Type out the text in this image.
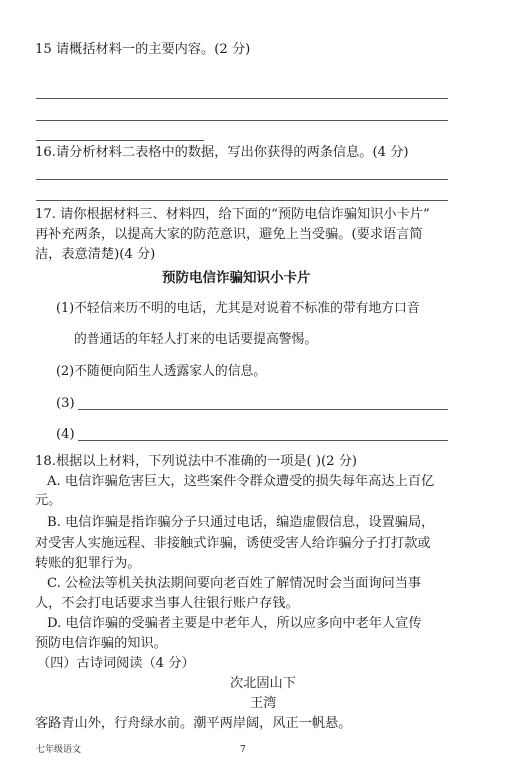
15 请概括材料一的主要内容。(2 分)
16.请分析材料二表格中的数据，写出你获得的两条信息。(4 分)
17. 请你根据材料三、材料四，给下面的“预防电信诈骗知识小卡片”
再补充两条，以提高大家的防范意识，避免上当受骗。(要求语言简
洁，表意清楚)(4 分)
预防电信诈骗知识小卡片
(1)不轻信来历不明的电话，尤其是对说着不标准的带有地方口音
的普通话的年轻人打来的电话要提高警惕。
(2)不随便向陌生人透露家人的信息。
(3)
(4)
18.根据以上材料，下列说法中不准确的一项是( )(2 分)
A. 电信诈骗危害巨大，这些案件令群众遭受的损失每年高达上百亿
元。
B. 电信诈骗是指诈骗分子只通过电话，编造虚假信息，设置骗局，
对受害人实施远程、非接触式诈骗，诱使受害人给诈骗分子打打款或
转账的犯罪行为。
C. 公检法等机关执法期间要向老百姓了解情况时会当面询问当事
人，不会打电话要求当事人往银行账户存钱。
D. 电信诈骗的受骗者主要是中老年人，所以应多向中老年人宣传
预防电信诈骗的知识。
（四）古诗词阅读（4 分）
次北固山下
王湾
客路青山外，行舟绿水前。潮平两岸阔，风正一帆悬。
七年级语文	7
